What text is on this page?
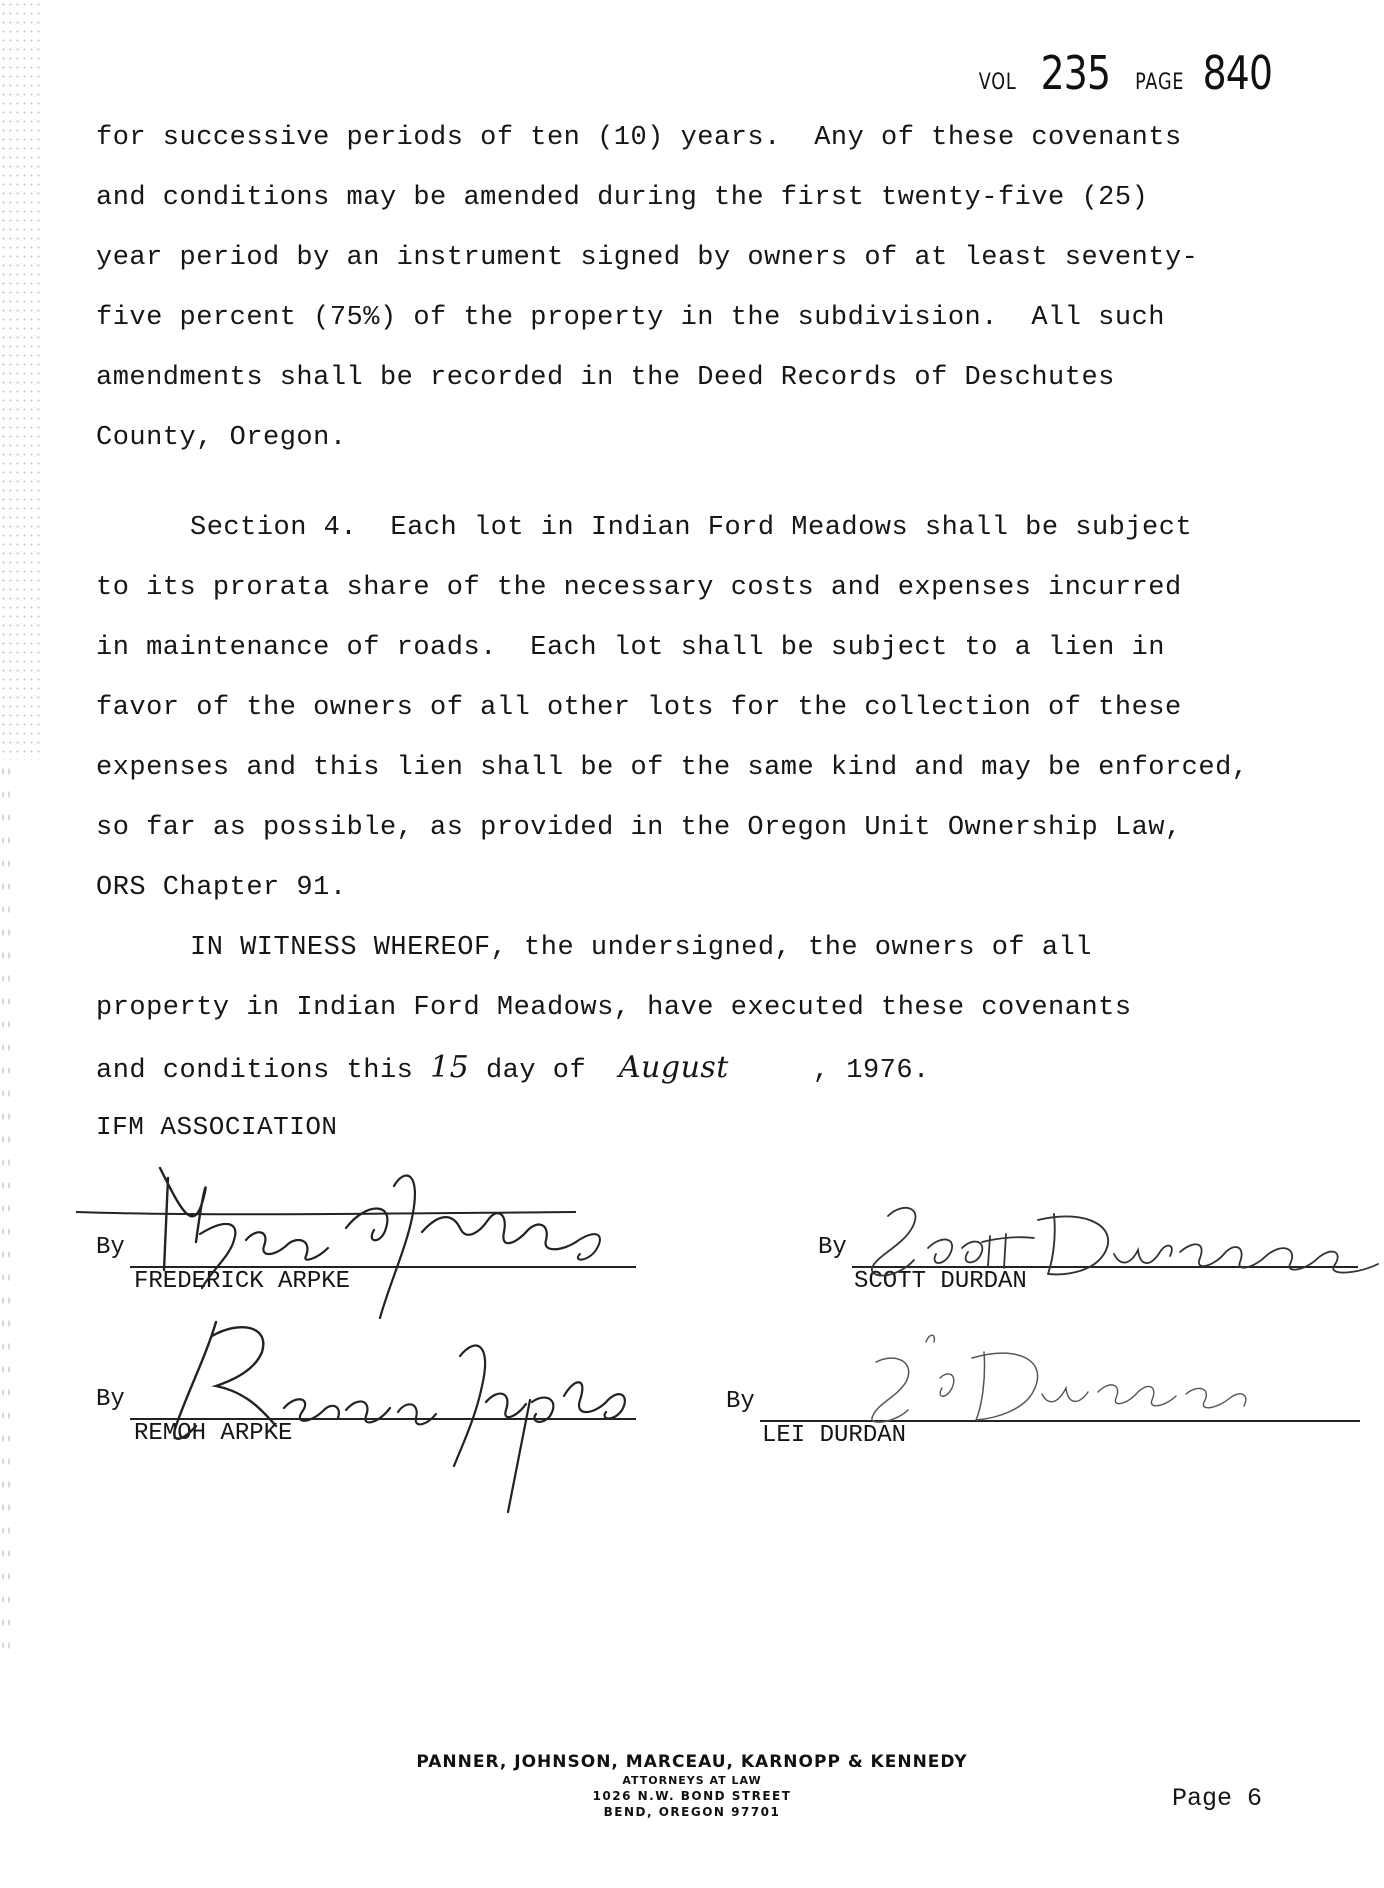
VOL 235 PAGE 840
for successive periods of ten (10) years.  Any of these covenants
and conditions may be amended during the first twenty-five (25)
year period by an instrument signed by owners of at least seventy-
five percent (75%) of the property in the subdivision.  All such
amendments shall be recorded in the Deed Records of Deschutes
County, Oregon.
Section 4.  Each lot in Indian Ford Meadows shall be subject
to its prorata share of the necessary costs and expenses incurred
in maintenance of roads.  Each lot shall be subject to a lien in
favor of the owners of all other lots for the collection of these
expenses and this lien shall be of the same kind and may be enforced,
so far as possible, as provided in the Oregon Unit Ownership Law,
ORS Chapter 91.
IN WITNESS WHEREOF, the undersigned, the owners of all
property in Indian Ford Meadows, have executed these covenants
and conditions this 15 day of August	, 1976.
IFM ASSOCIATION
By
FREDERICK ARPKE
By
SCOTT DURDAN
By
REMOH ARPKE
By
LEI DURDAN
PANNER, JOHNSON, MARCEAU, KARNOPP & KENNEDY
ATTORNEYS AT LAW
1026 N.W. BOND STREET
BEND, OREGON 97701	Page 6
